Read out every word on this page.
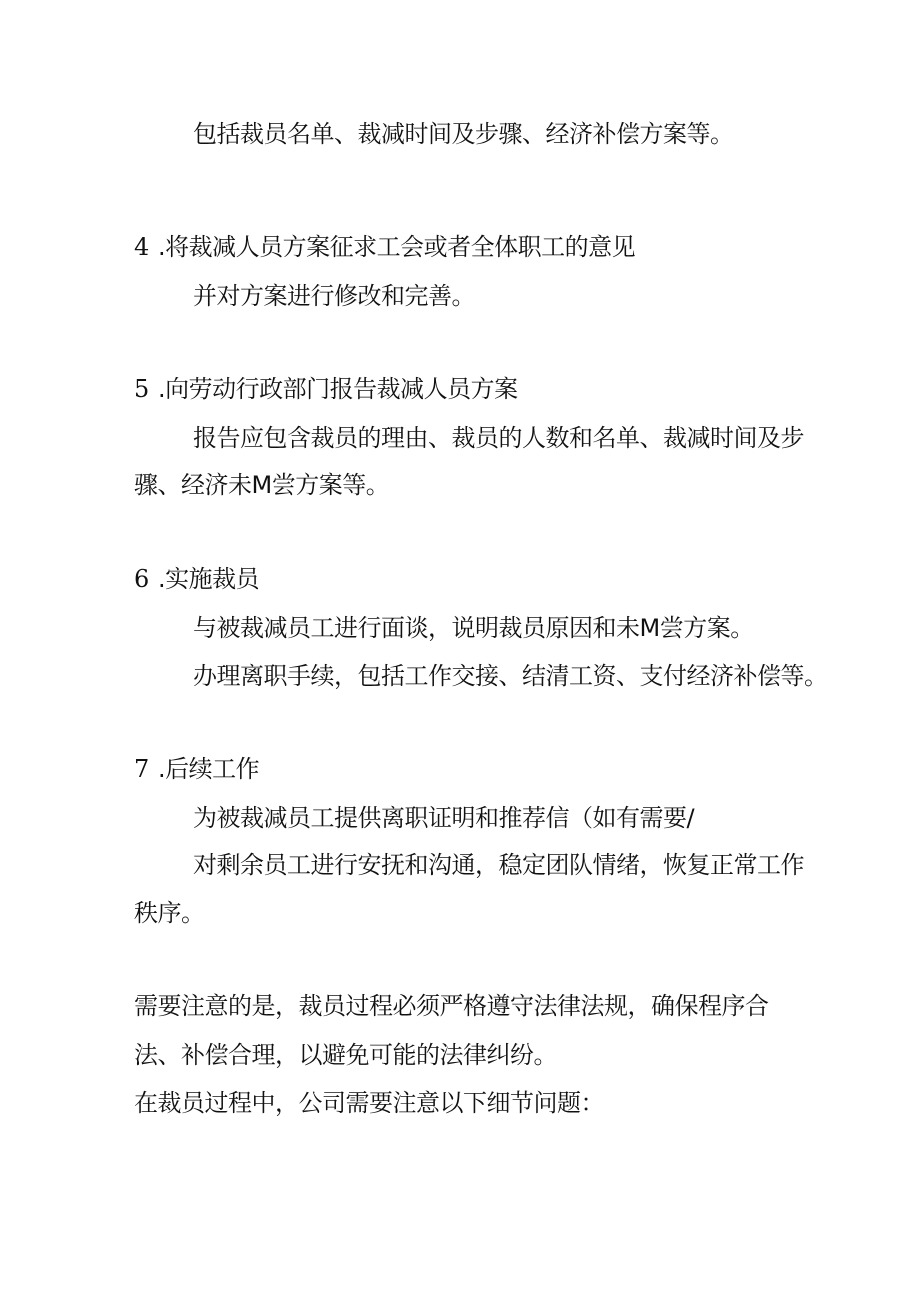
包括裁员名单、裁减时间及步骤、经济补偿方案等。
4 .将裁减人员方案征求工会或者全体职工的意见
并对方案进行修改和完善。
5 .向劳动行政部门报告裁减人员方案
报告应包含裁员的理由、裁员的人数和名单、裁减时间及步
骤、经济未M尝方案等。
6 .实施裁员
与被裁减员工进行面谈，说明裁员原因和未M尝方案。
办理离职手续，包括工作交接、结清工资、支付经济补偿等。
7 .后续工作
为被裁减员工提供离职证明和推荐信（如有需要/
对剩余员工进行安抚和沟通，稳定团队情绪，恢复正常工作
秩序。
需要注意的是，裁员过程必须严格遵守法律法规，确保程序合
法、补偿合理，以避免可能的法律纠纷。
在裁员过程中，公司需要注意以下细节问题：
